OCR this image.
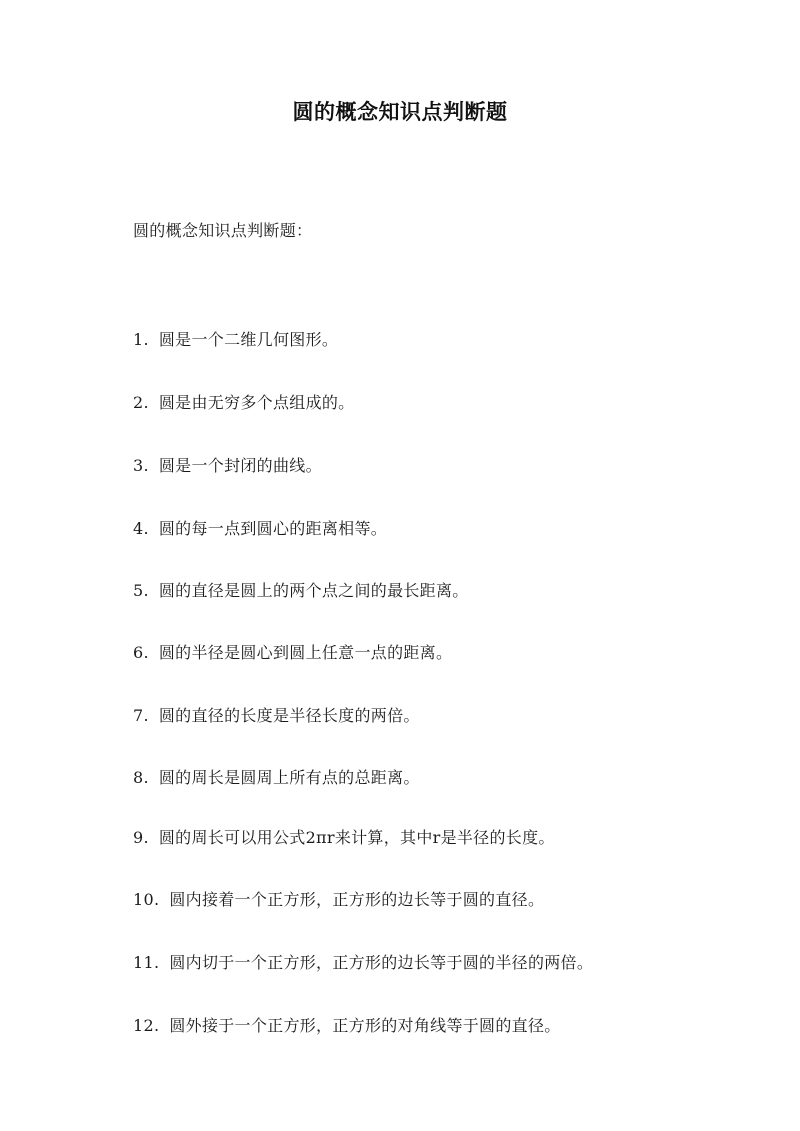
圆的概念知识点判断题
圆的概念知识点判断题：
1. 圆是一个二维几何图形。
2. 圆是由无穷多个点组成的。
3. 圆是一个封闭的曲线。
4. 圆的每一点到圆心的距离相等。
5. 圆的直径是圆上的两个点之间的最长距离。
6. 圆的半径是圆心到圆上任意一点的距离。
7. 圆的直径的长度是半径长度的两倍。
8. 圆的周长是圆周上所有点的总距离。
9. 圆的周长可以用公式2πr来计算，其中r是半径的长度。
10. 圆内接着一个正方形，正方形的边长等于圆的直径。
11. 圆内切于一个正方形，正方形的边长等于圆的半径的两倍。
12. 圆外接于一个正方形，正方形的对角线等于圆的直径。
